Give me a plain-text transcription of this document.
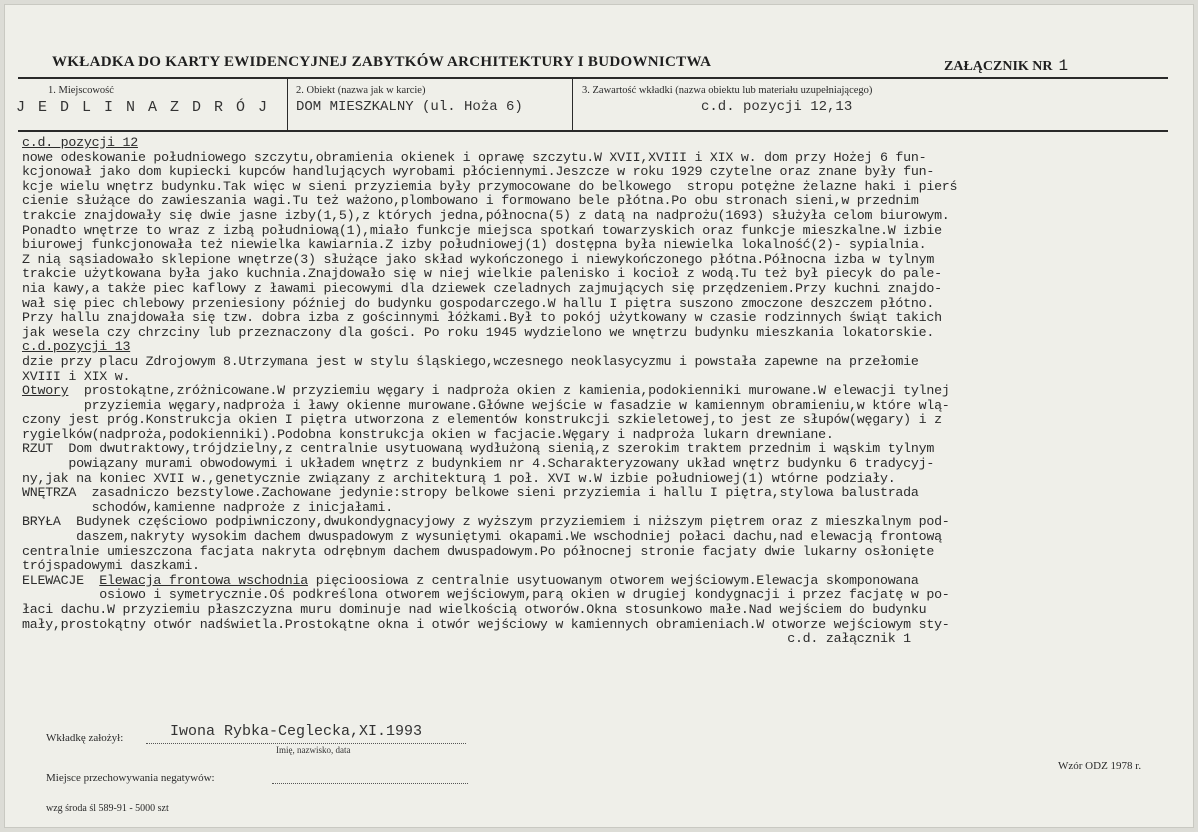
WKŁADKA DO KARTY EWIDENCYJNEJ ZABYTKÓW ARCHITEKTURY I BUDOWNICTWA	ZAŁĄCZNIK NR 1
1. Miejscowość
J E D L I N A Z D R Ó J
2. Obiekt (nazwa jak w karcie)
DOM MIESZKALNY (ul. Hoża 6)
3. Zawartość wkładki (nazwa obiektu lub materiału uzupełniającego)
c.d. pozycji 12,13
c.d. pozycji 12
nowe odeskowanie południowego szczytu,obramienia okienek i oprawę szczytu.W XVII,XVIII i XIX w. dom przy Hożej 6 fun-
kcjonował jako dom kupiecki kupców handlujących wyrobami płóciennymi.Jeszcze w roku 1929 czytelne oraz znane były fun-
kcje wielu wnętrz budynku.Tak więc w sieni przyziemia były przymocowane do belkowego  stropu potężne żelazne haki i pierś
cienie służące do zawieszania wagi.Tu też ważono,plombowano i formowano bele płótna.Po obu stronach sieni,w przednim
trakcie znajdowały się dwie jasne izby(1,5),z których jedna,północna(5) z datą na nadprożu(1693) służyła celom biurowym.
Ponadto wnętrze to wraz z izbą południową(1),miało funkcje miejsca spotkań towarzyskich oraz funkcje mieszkalne.W izbie
biurowej funkcjonowała też niewielka kawiarnia.Z izby południowej(1) dostępna była niewielka lokalność(2)- sypialnia.
Z nią sąsiadowało sklepione wnętrze(3) służące jako skład wykończonego i niewykończonego płótna.Północna izba w tylnym
trakcie użytkowana była jako kuchnia.Znajdowało się w niej wielkie palenisko i kocioł z wodą.Tu też był piecyk do pale-
nia kawy,a także piec kaflowy z ławami piecowymi dla dziewek czeladnych zajmujących się przędzeniem.Przy kuchni znajdo-
wał się piec chlebowy przeniesiony później do budynku gospodarczego.W hallu I piętra suszono zmoczone deszczem płótno.
Przy hallu znajdowała się tzw. dobra izba z gościnnymi łóżkami.Był to pokój użytkowany w czasie rodzinnych świąt takich
jak wesela czy chrzciny lub przeznaczony dla gości. Po roku 1945 wydzielono we wnętrzu budynku mieszkania lokatorskie.
c.d.pozycji 13
dzie przy placu Zdrojowym 8.Utrzymana jest w stylu śląskiego,wczesnego neoklasycyzmu i powstała zapewne na przełomie
XVIII i XIX w.
Otwory  prostokątne,zróżnicowane.W przyziemiu węgary i nadproża okien z kamienia,podokienniki murowane.W elewacji tylnej
przyziemia węgary,nadproża i ławy okienne murowane.Główne wejście w fasadzie w kamiennym obramieniu,w które wlą-
czony jest próg.Konstrukcja okien I piętra utworzona z elementów konstrukcji szkieletowej,to jest ze słupów(węgary) i z
rygielków(nadproża,podokienniki).Podobna konstrukcja okien w facjacie.Węgary i nadproża lukarn drewniane.
RZUT  Dom dwutraktowy,trójdzielny,z centralnie usytuowaną wydłużoną sienią,z szerokim traktem przednim i wąskim tylnym
powiązany murami obwodowymi i układem wnętrz z budynkiem nr 4.Scharakteryzowany układ wnętrz budynku 6 tradycyj-
ny,jak na koniec XVII w.,genetycznie związany z architekturą 1 poł. XVI w.W izbie południowej(1) wtórne podziały.
WNĘTRZA  zasadniczo bezstylowe.Zachowane jedynie:stropy belkowe sieni przyziemia i hallu I piętra,stylowa balustrada
schodów,kamienne nadproże z inicjałami.
BRYŁA  Budynek częściowo podpiwniczony,dwukondygnacyjowy z wyższym przyziemiem i niższym piętrem oraz z mieszkalnym pod-
daszem,nakryty wysokim dachem dwuspadowym z wysuniętymi okapami.We wschodniej połaci dachu,nad elewacją frontową
centralnie umieszczona facjata nakryta odrębnym dachem dwuspadowym.Po północnej stronie facjaty dwie lukarny osłonięte
trójspadowymi daszkami.
ELEWACJE  Elewacja frontowa wschodnia pięcioosiowa z centralnie usytuowanym otworem wejściowym.Elewacja skomponowana
osiowo i symetrycznie.Oś podkreślona otworem wejściowym,parą okien w drugiej kondygnacji i przez facjatę w po-
łaci dachu.W przyziemiu płaszczyzna muru dominuje nad wielkością otworów.Okna stosunkowo małe.Nad wejściem do budynku
mały,prostokątny otwór nadświetla.Prostokątne okna i otwór wejściowy w kamiennych obramieniach.W otworze wejściowym sty-
c.d. załącznik 1
Wkładkę założył:	Iwona Rybka-Ceglecka,XI.1993
Imię, nazwisko, data
Miejsce przechowywania negatywów:
Wzór ODZ 1978 r.
wzg środa śl 589-91 - 5000 szt
